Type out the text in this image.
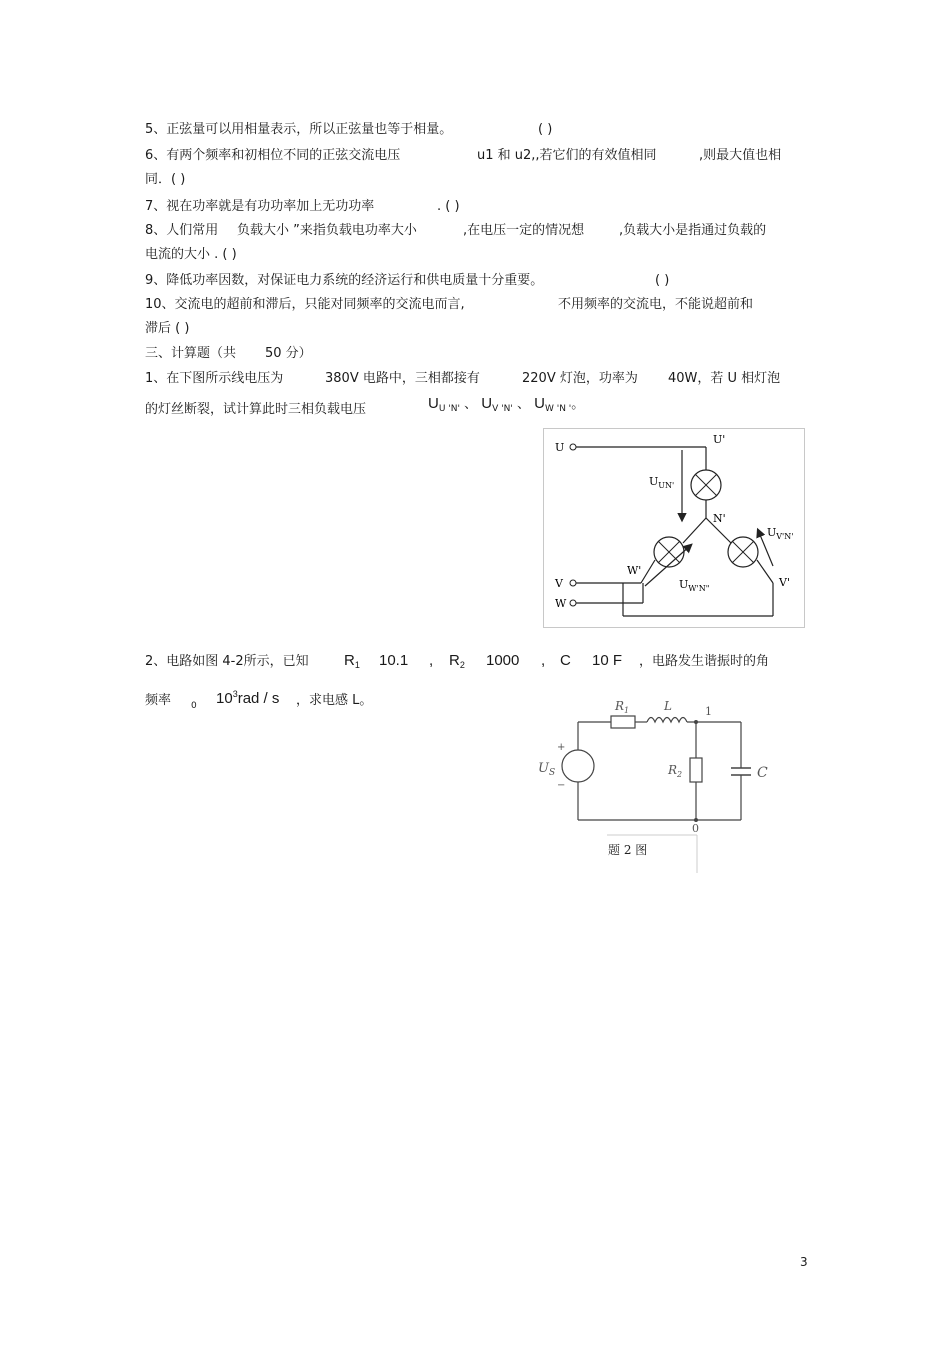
5、正弦量可以用相量表示，所以正弦量也等于相量。	( )
6、有两个频率和初相位不同的正弦交流电压	u1 和 u2,,若它们的有效值相同	,则最大值也相
同．( )
7、视在功率就是有功功率加上无功功率	. ( )
8、人们常用 负载大小 ”来指负载电功率大小	,在电压一定的情况想	,负载大小是指通过负载的
电流的大小 . ( )
9、降低功率因数，对保证电力系统的经济运行和供电质量十分重要。	( )
10、交流电的超前和滞后，只能对同频率的交流电而言,	不用频率的交流电，不能说超前和
滞后 ( )
三、计算题（共 50 分）
1、在下图所示线电压为	380V 电路中，三相都接有	220V 灯泡，功率为 40W，若 U 相灯泡
的灯丝断裂，试计算此时三相负载电压	$U_{U 'N'}$ 、 $U_{V 'N'}$ 、 $U_{W 'N '}$。
U
V
W
U'
V'
W'
N'
$U_{UN'}$
$U_{V'N'}$
$U_{W'N"}$
2、电路如图 4-2所示，已知 $R_1$ 10.1 , $R_2$ 1000 , C 10 F ，电路发生谐振时的角
频率 0 $10^3rad$ / s ，求电感 L。	$R_1$	L	1
0
$U_S$
+
−
$R_2$	C
题 2 图
3
